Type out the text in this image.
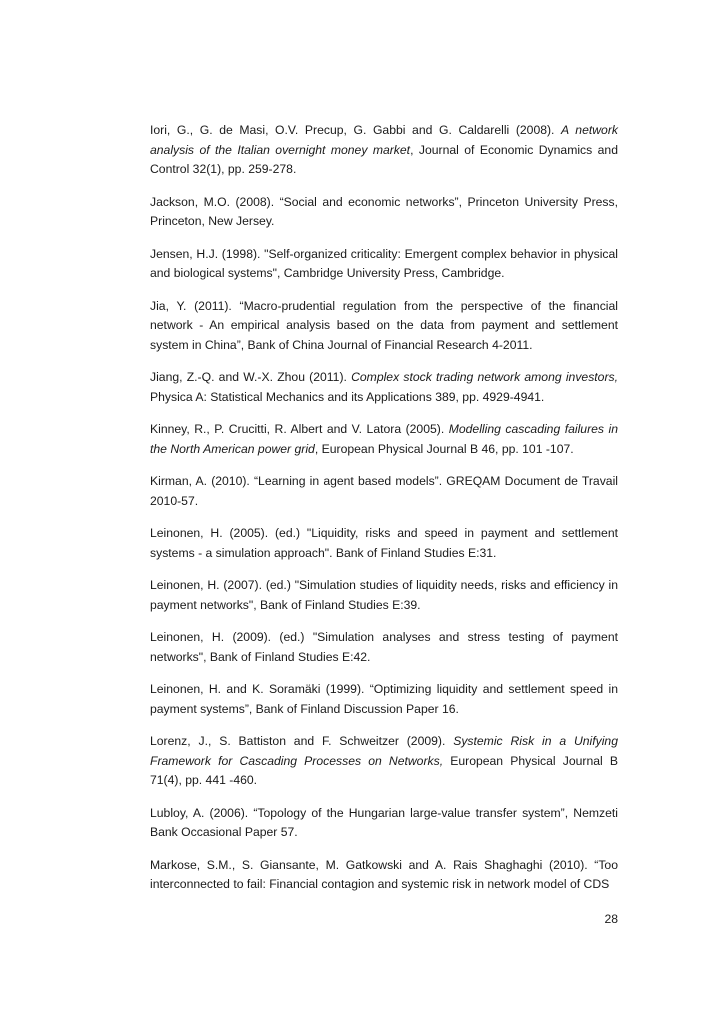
Iori, G., G. de Masi, O.V. Precup, G. Gabbi and G. Caldarelli (2008). A network analysis of the Italian overnight money market, Journal of Economic Dynamics and Control 32(1), pp. 259-278.

Jackson, M.O. (2008). “Social and economic networks”, Princeton University Press, Princeton, New Jersey.

Jensen, H.J. (1998). "Self-organized criticality: Emergent complex behavior in physical and biological systems", Cambridge University Press, Cambridge.

Jia, Y. (2011). “Macro-prudential regulation from the perspective of the financial network - An empirical analysis based on the data from payment and settlement system in China”, Bank of China Journal of Financial Research 4-2011.

Jiang, Z.-Q. and W.-X. Zhou (2011). Complex stock trading network among investors, Physica A: Statistical Mechanics and its Applications 389, pp. 4929-4941.

Kinney, R., P. Crucitti, R. Albert and V. Latora (2005). Modelling cascading failures in the North American power grid, European Physical Journal B 46, pp. 101 -107.

Kirman, A. (2010). “Learning in agent based models”. GREQAM Document de Travail 2010-57.

Leinonen, H. (2005). (ed.) "Liquidity, risks and speed in payment and settlement systems - a simulation approach". Bank of Finland Studies E:31.

Leinonen, H. (2007). (ed.) "Simulation studies of liquidity needs, risks and efficiency in payment networks", Bank of Finland Studies E:39.

Leinonen, H. (2009). (ed.) "Simulation analyses and stress testing of payment networks", Bank of Finland Studies E:42.

Leinonen, H. and K. Soramäki (1999). “Optimizing liquidity and settlement speed in payment systems”, Bank of Finland Discussion Paper 16.

Lorenz, J., S. Battiston and F. Schweitzer (2009). Systemic Risk in a Unifying Framework for Cascading Processes on Networks, European Physical Journal B 71(4), pp. 441 -460.

Lubloy, A. (2006). “Topology of the Hungarian large-value transfer system”, Nemzeti Bank Occasional Paper 57.

Markose, S.M., S. Giansante, M. Gatkowski and A. Rais Shaghaghi (2010). “Too interconnected to fail: Financial contagion and systemic risk in network model of CDS

28
